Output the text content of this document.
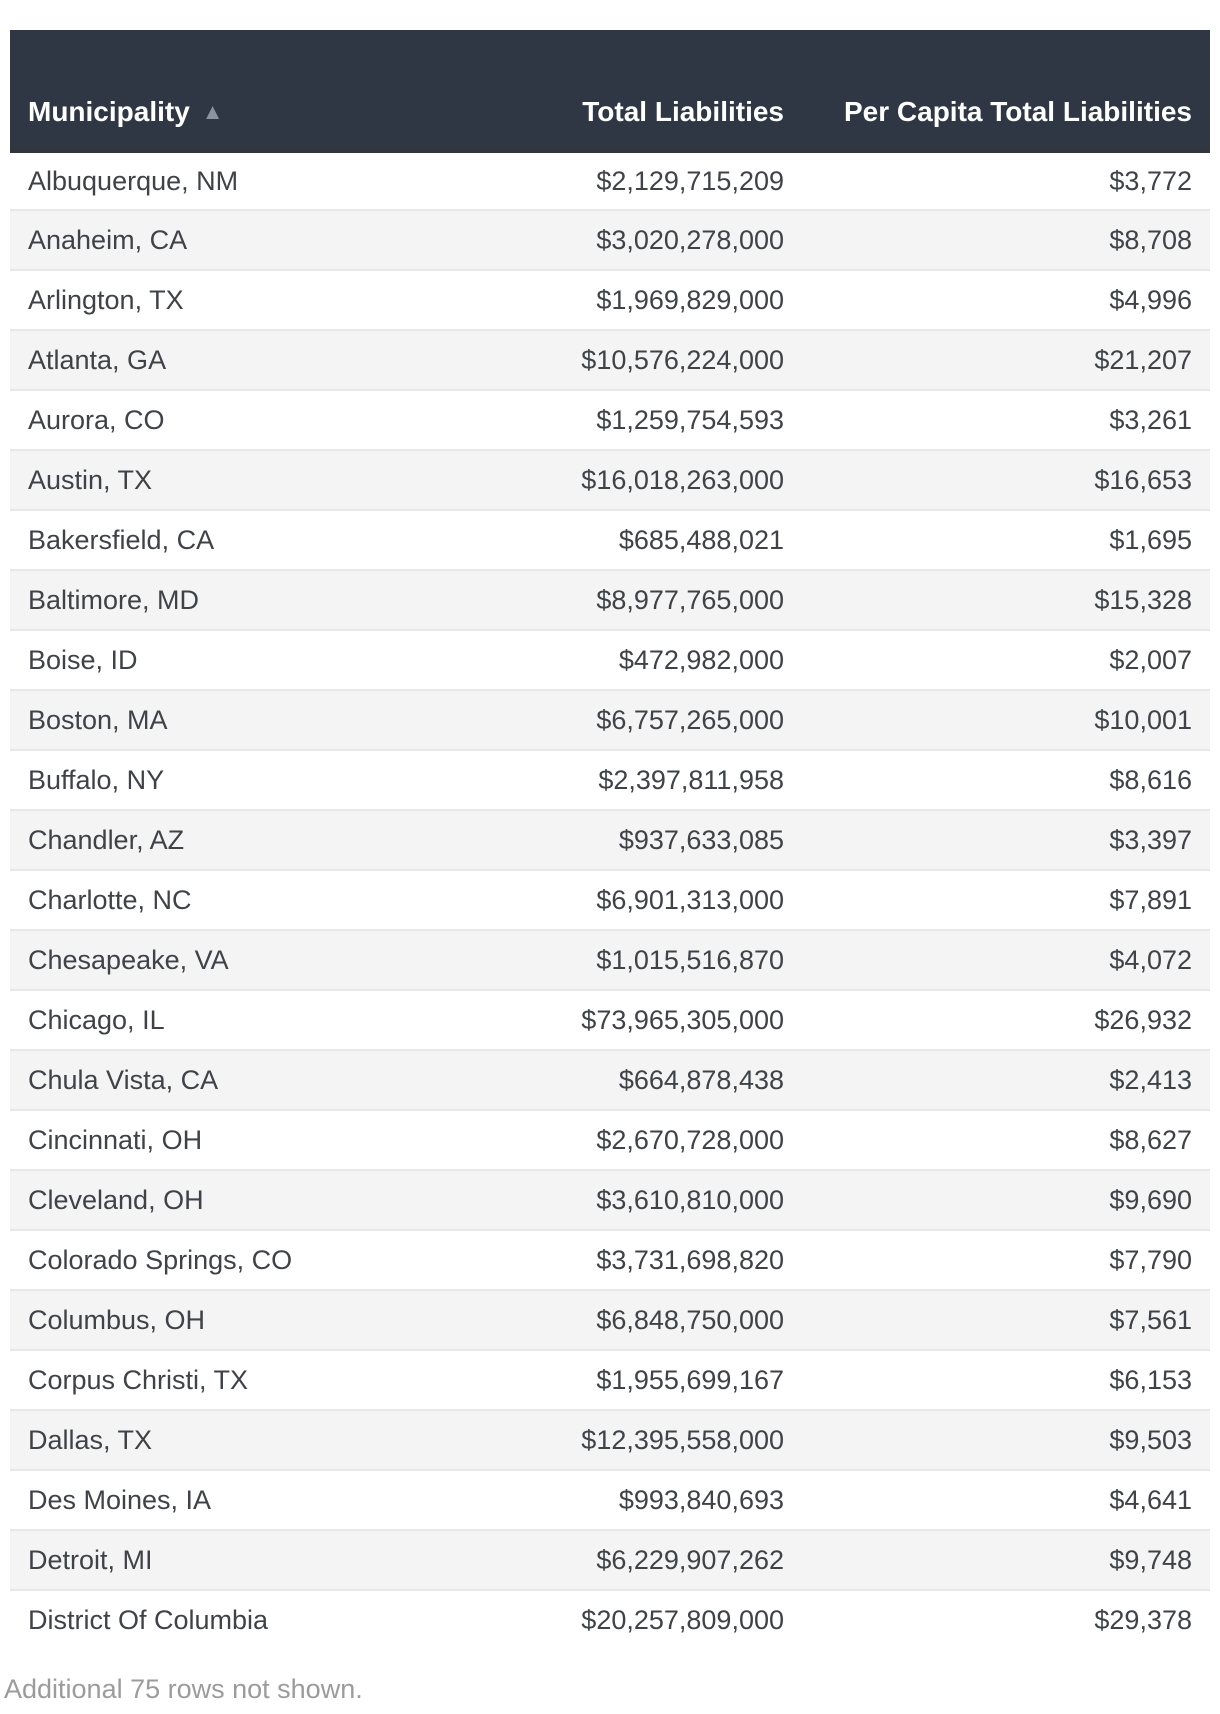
Municipality ▲	Total Liabilities	Per Capita Total Liabilities
Albuquerque, NM	$2,129,715,209	$3,772
Anaheim, CA	$3,020,278,000	$8,708
Arlington, TX	$1,969,829,000	$4,996
Atlanta, GA	$10,576,224,000	$21,207
Aurora, CO	$1,259,754,593	$3,261
Austin, TX	$16,018,263,000	$16,653
Bakersfield, CA	$685,488,021	$1,695
Baltimore, MD	$8,977,765,000	$15,328
Boise, ID	$472,982,000	$2,007
Boston, MA	$6,757,265,000	$10,001
Buffalo, NY	$2,397,811,958	$8,616
Chandler, AZ	$937,633,085	$3,397
Charlotte, NC	$6,901,313,000	$7,891
Chesapeake, VA	$1,015,516,870	$4,072
Chicago, IL	$73,965,305,000	$26,932
Chula Vista, CA	$664,878,438	$2,413
Cincinnati, OH	$2,670,728,000	$8,627
Cleveland, OH	$3,610,810,000	$9,690
Colorado Springs, CO	$3,731,698,820	$7,790
Columbus, OH	$6,848,750,000	$7,561
Corpus Christi, TX	$1,955,699,167	$6,153
Dallas, TX	$12,395,558,000	$9,503
Des Moines, IA	$993,840,693	$4,641
Detroit, MI	$6,229,907,262	$9,748
District Of Columbia	$20,257,809,000	$29,378
Additional 75 rows not shown.
